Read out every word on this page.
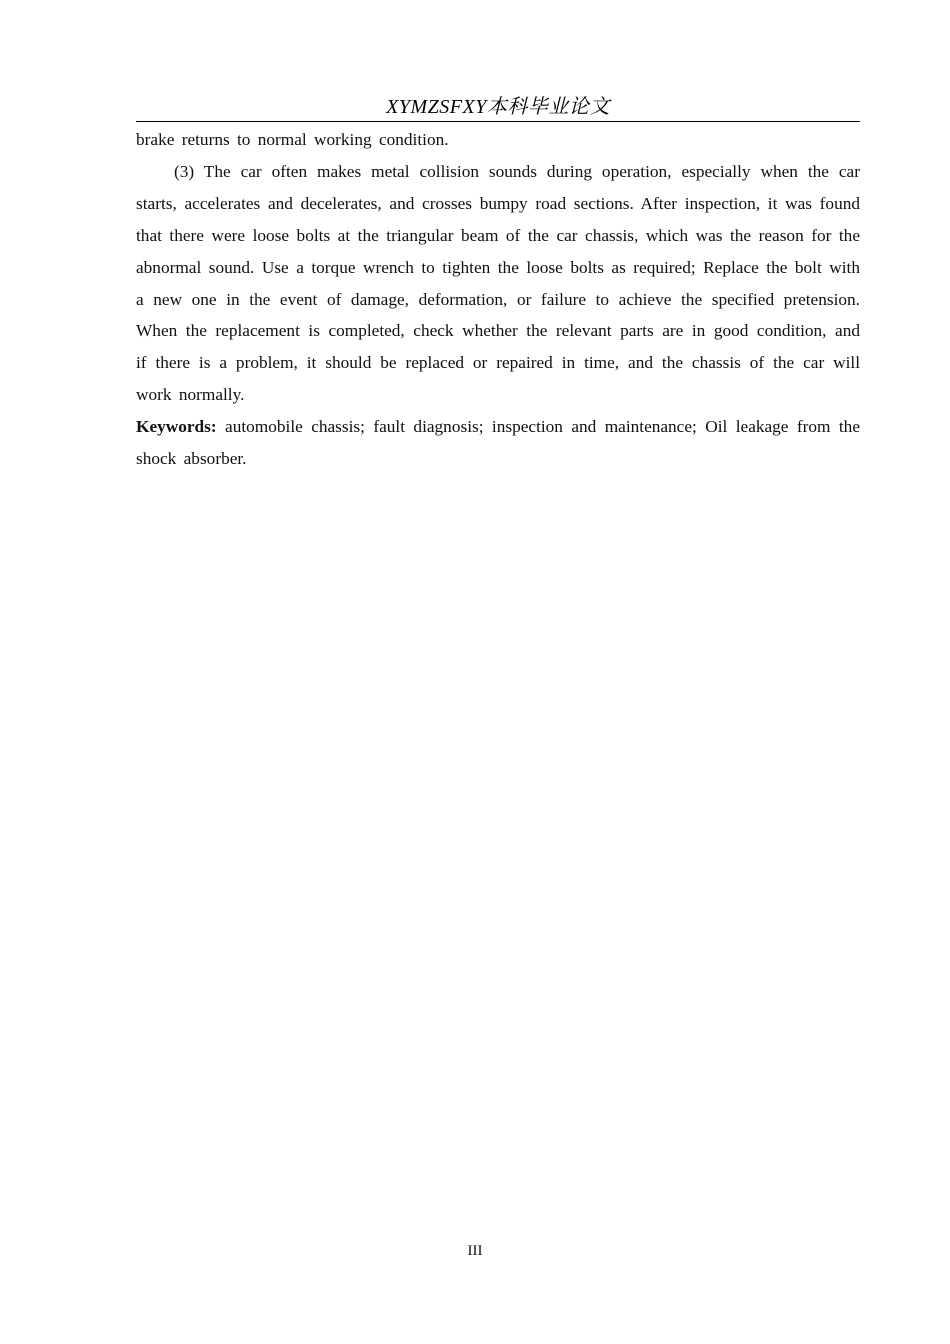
XYMZSFXY本科毕业论文

brake returns to normal working condition.

(3) The car often makes metal collision sounds during operation, especially when the car starts, accelerates and decelerates, and crosses bumpy road sections. After inspection, it was found that there were loose bolts at the triangular beam of the car chassis, which was the reason for the abnormal sound. Use a torque wrench to tighten the loose bolts as required; Replace the bolt with a new one in the event of damage, deformation, or failure to achieve the specified pretension. When the replacement is completed, check whether the relevant parts are in good condition, and if there is a problem, it should be replaced or repaired in time, and the chassis of the car will work normally.

Keywords: automobile chassis; fault diagnosis; inspection and maintenance; Oil leakage from the shock absorber.

III
